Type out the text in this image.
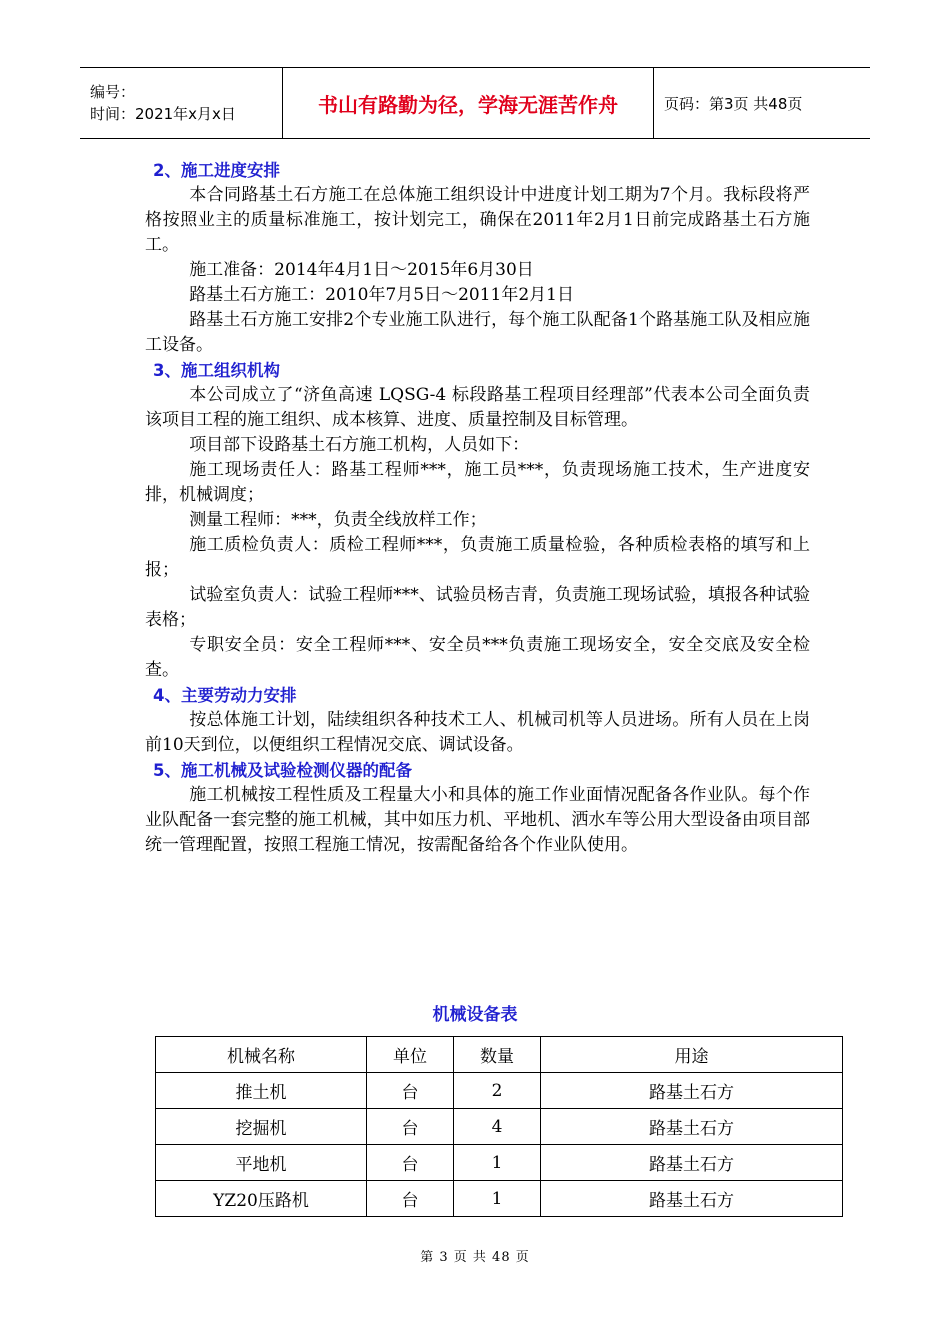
编号：
时间：2021年x月x日	书山有路勤为径，学海无涯苦作舟	页码：第3页 共48页
2、施工进度安排
本合同路基土石方施工在总体施工组织设计中进度计划工期为7个月。我标段将严格按照业主的质量标准施工，按计划完工，确保在2011年2月1日前完成路基土石方施工。
施工准备：2014年4月1日～2015年6月30日
路基土石方施工：2010年7月5日～2011年2月1日
路基土石方施工安排2个专业施工队进行，每个施工队配备1个路基施工队及相应施工设备。
3、施工组织机构
本公司成立了“济鱼高速 LQSG-4 标段路基工程项目经理部”代表本公司全面负责该项目工程的施工组织、成本核算、进度、质量控制及目标管理。
项目部下设路基土石方施工机构，人员如下：
施工现场责任人：路基工程师***，施工员***，负责现场施工技术，生产进度安排，机械调度；
测量工程师：***，负责全线放样工作；
施工质检负责人：质检工程师***，负责施工质量检验，各种质检表格的填写和上报；
试验室负责人：试验工程师***、试验员杨吉青，负责施工现场试验，填报各种试验表格；
专职安全员：安全工程师***、安全员***负责施工现场安全，安全交底及安全检查。
4、主要劳动力安排
按总体施工计划，陆续组织各种技术工人、机械司机等人员进场。所有人员在上岗前10天到位，以便组织工程情况交底、调试设备。
5、施工机械及试验检测仪器的配备
施工机械按工程性质及工程量大小和具体的施工作业面情况配备各作业队。每个作业队配备一套完整的施工机械，其中如压力机、平地机、洒水车等公用大型设备由项目部统一管理配置，按照工程施工情况，按需配备给各个作业队使用。
机械设备表
机械名称	单位	数量	用途
推土机	台	2	路基土石方
挖掘机	台	4	路基土石方
平地机	台	1	路基土石方
YZ20压路机	台	1	路基土石方
第 3 页 共 48 页
